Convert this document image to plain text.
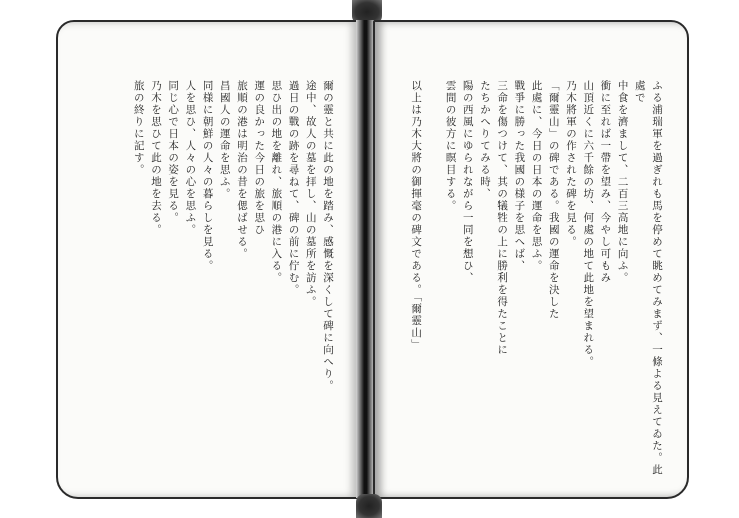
爾の靈と共に此の地を踏み、感慨を深くして碑に向へり。
途中、故人の墓を拝し、山の墓所を訪ふ。
過日の戰の跡を尋ねて、碑の前に佇む。
思ひ出の地を離れ、旅順の港に入る。
運の良かった今日の旅を思ひ
旅順の港は明治の昔を偲ばせる。
昌國人の運命を思ふ。
同様に朝鮮の人々の暮らしを見る。
人を思ひ、人々の心を思ふ。
同じ心で日本の姿を見る。
乃木を思ひて此の地を去る。
旅の終りに記す。	ふる浦瑞軍を過ぎれも馬を停めて眺めてみまず、一條よる見えてゐた。此處で
中食を濟まして、二百三高地に向ふ。
衝に至れば一帶を望み、今やし可もみ
山頂近くに六千餘の坊、何處の地て此地を望まれる。
乃木將軍の作された碑を見る。
「爾靈山」の碑である。我國の運命を決した
此處に、今日の日本の運命を思ふ。
戰爭に勝った我國の様子を思へば、
三命を傷つけて、其の犠牲の上に勝利を得たことに
たちかへりてみる時、
陽の西風にゆられながら一同を想ひ、
雲間の彼方に瞑目する。

以上は乃木大將の御揮毫の碑文である。「爾靈山」
